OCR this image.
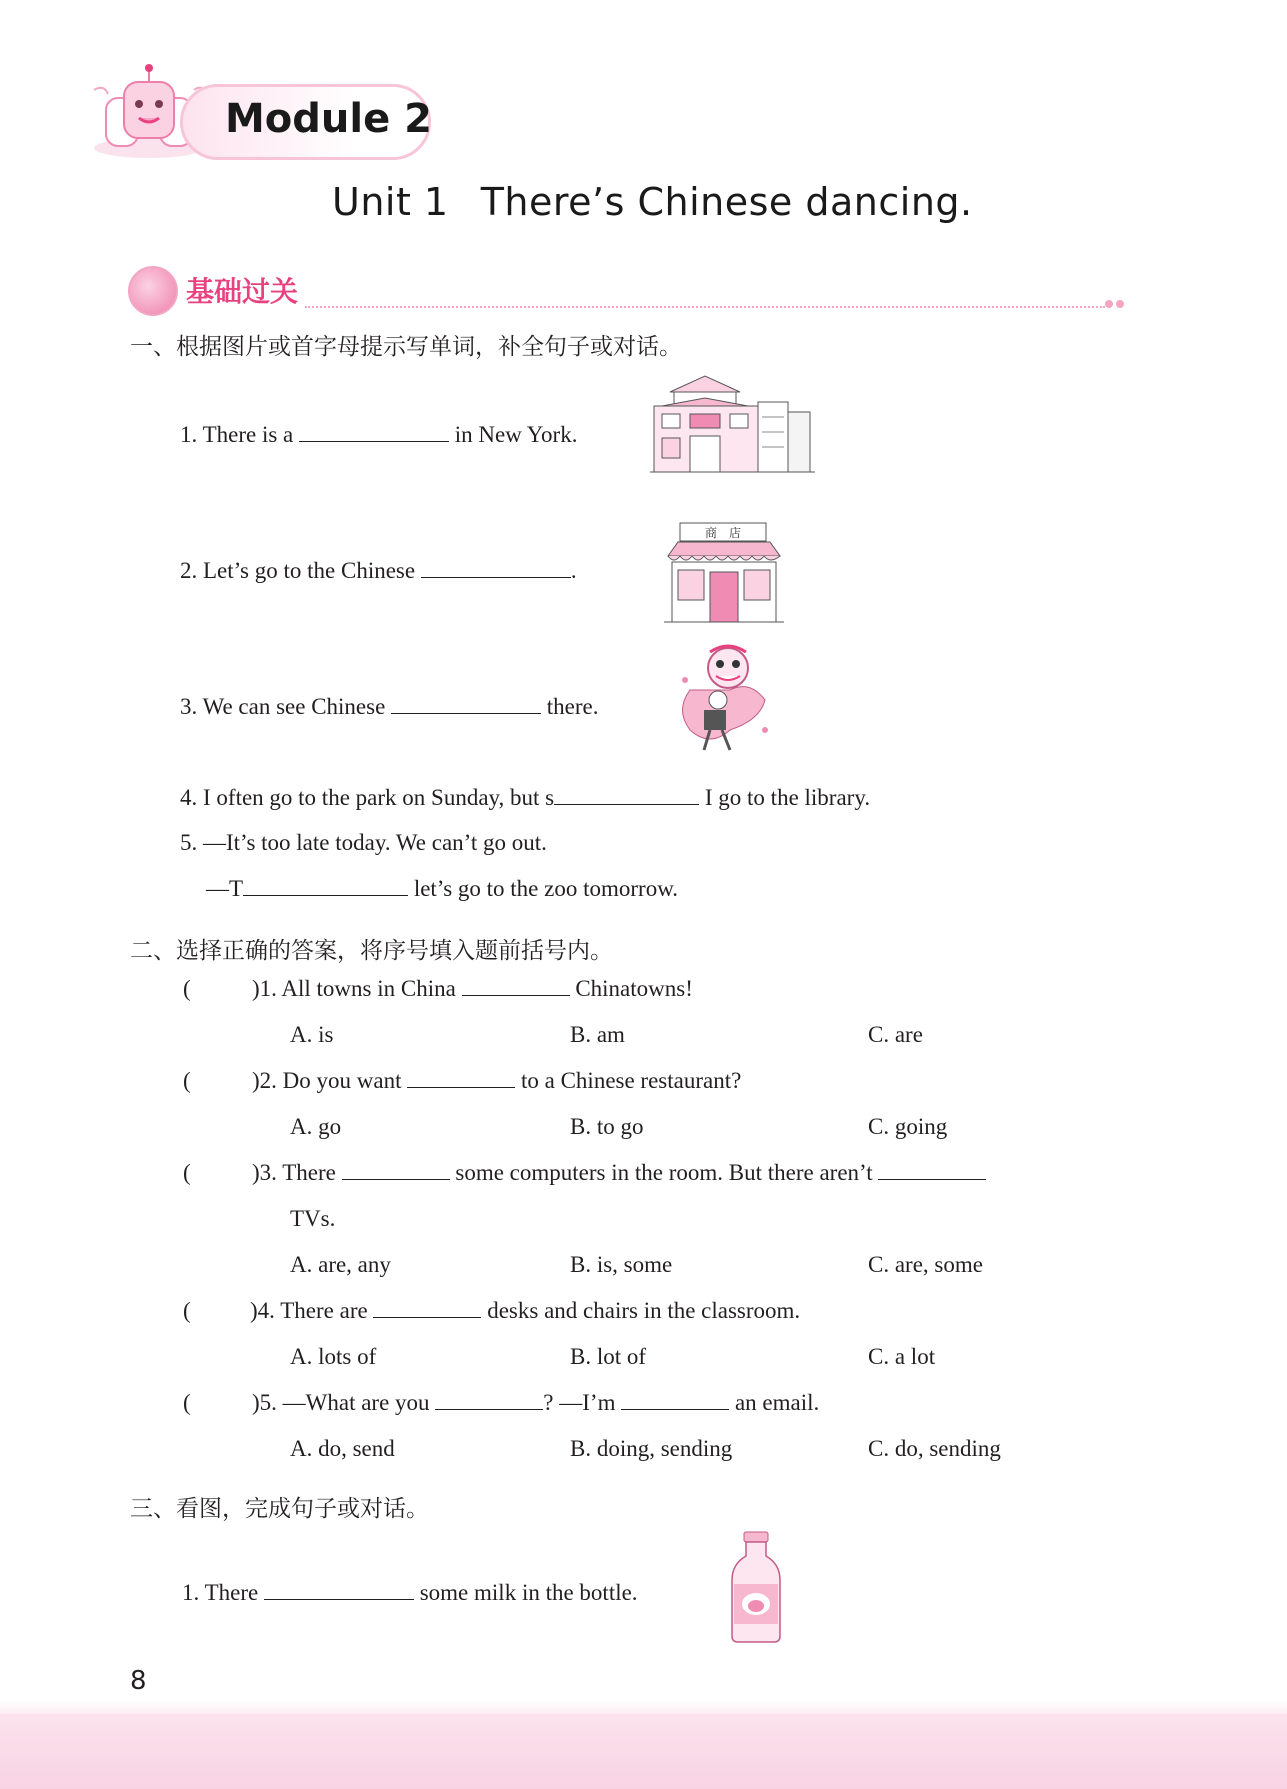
Module 2
Unit 1  There’s Chinese dancing.
基础过关
一、根据图片或首字母提示写单词，补全句子或对话。
1. There is a	in New York.
2. Let’s go to the Chinese	.
商　店
3. We can see Chinese	there.
4. I often go to the park on Sunday, but s	I go to the library.
5. —It’s too late today. We can’t go out.
—T	let’s go to the zoo tomorrow.
二、选择正确的答案，将序号填入题前括号内。
(	)1. All towns in China	Chinatowns!
A. is	B. am	C. are
(	)2. Do you want	to a Chinese restaurant?
A. go	B. to go	C. going
(	)3. There	some computers in the room. But there aren’t
TVs.
A. are, any	B. is, some	C. are, some
(	)4. There are	desks and chairs in the classroom.
A. lots of	B. lot of	C. a lot
(	)5. —What are you	? —I’m	an email.
A. do, send	B. doing, sending	C. do, sending
三、看图，完成句子或对话。
1. There	some milk in the bottle.
8
